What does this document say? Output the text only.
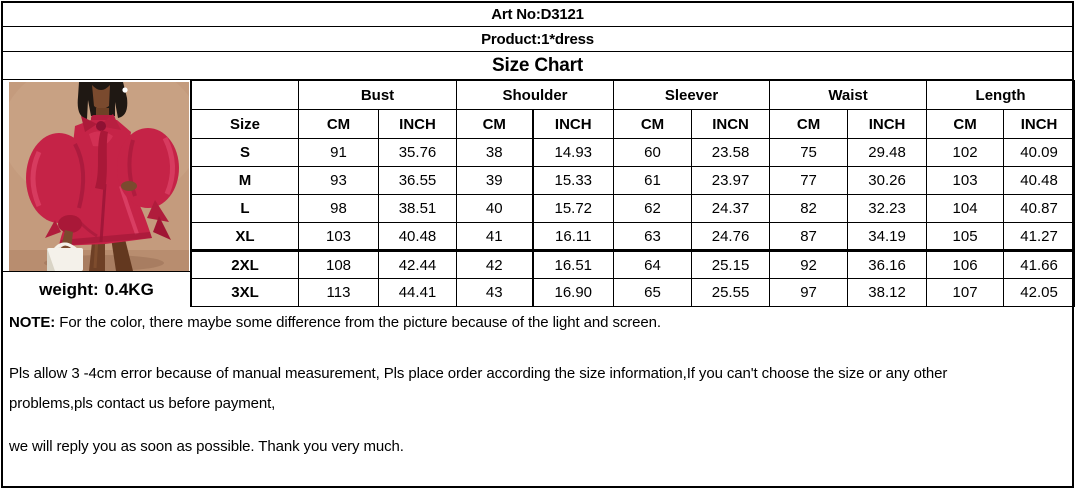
Art No:D3121
Product:1*dress
Size Chart
weight: 0.4KG
	Bust		Shoulder		Sleever		Waist		Length	
Size	CM	INCH	CM	INCH	CM	INCN	CM	INCH	CM	INCH
S	91	35.76	38	14.93	60	23.58	75	29.48	102	40.09
M	93	36.55	39	15.33	61	23.97	77	30.26	103	40.48
L	98	38.51	40	15.72	62	24.37	82	32.23	104	40.87
XL	103	40.48	41	16.11	63	24.76	87	34.19	105	41.27
2XL	108	42.44	42	16.51	64	25.15	92	36.16	106	41.66
3XL	113	44.41	43	16.90	65	25.55	97	38.12	107	42.05

NOTE: For the color, there maybe some difference from the picture because of the light and screen.

Pls allow 3 -4cm error because of manual measurement, Pls place order according the size information,If you can't choose the size or any other
problems,pls contact us before payment,

we will reply you as soon as possible. Thank you very much.
